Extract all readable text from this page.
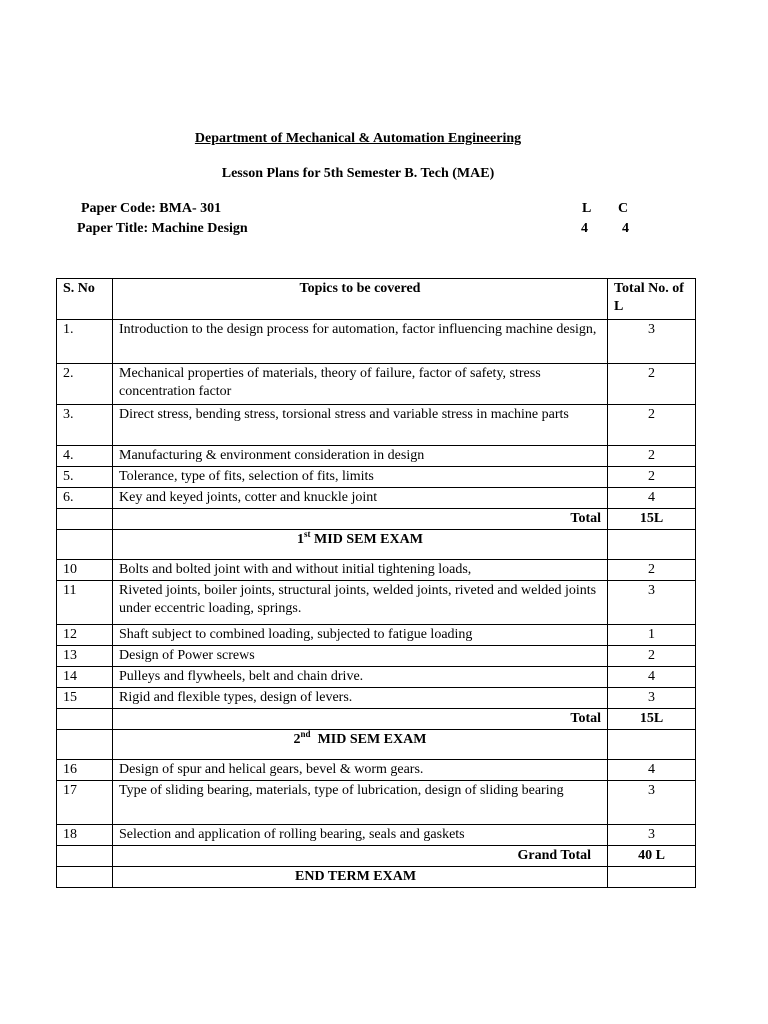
Department of Mechanical & Automation Engineering
Lesson Plans for 5th Semester B. Tech (MAE)
Paper Code: BMA- 301
Paper Title: Machine Design
L C
4 4
S. No	Topics to be covered	Total No. of L
1.	Introduction to the design process for automation, factor influencing machine design,	3
2.	Mechanical properties of materials, theory of failure, factor of safety, stress concentration factor	2
3.	Direct stress, bending stress, torsional stress and variable stress in machine parts	2
4.	Manufacturing & environment consideration in design	2
5.	Tolerance, type of fits, selection of fits, limits	2
6.	Key and keyed joints, cotter and knuckle joint	4
	Total	15L
	1st MID SEM EXAM	
10	Bolts and bolted joint with and without initial tightening loads,	2
11	Riveted joints, boiler joints, structural joints, welded joints, riveted and welded joints under eccentric loading, springs.	3
12	Shaft subject to combined loading, subjected to fatigue loading	1
13	Design of Power screws	2
14	Pulleys and flywheels, belt and chain drive.	4
15	Rigid and flexible types, design of levers.	3
	Total	15L
	2nd  MID SEM EXAM	
16	Design of spur and helical gears, bevel & worm gears.	4
17	Type of sliding bearing, materials, type of lubrication, design of sliding bearing	3
18	Selection and application of rolling bearing, seals and gaskets	3
	Grand Total	40 L
	END TERM EXAM	
